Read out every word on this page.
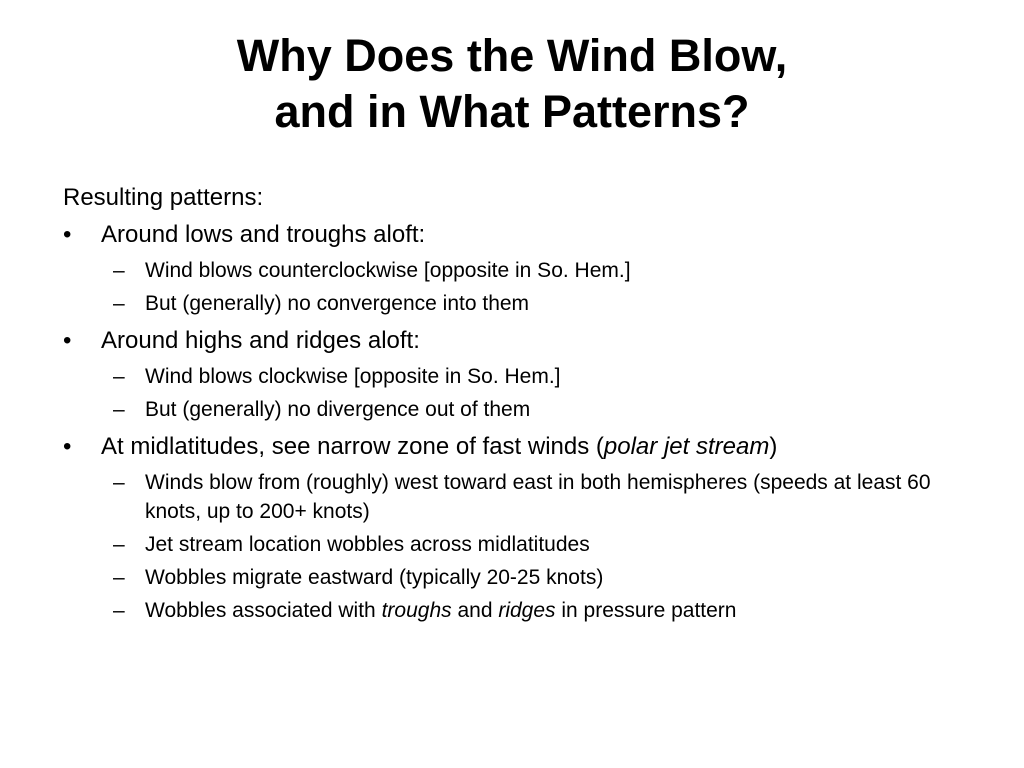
Why Does the Wind Blow,
and in What Patterns?
Resulting patterns:
•	Around lows and troughs aloft:
– Wind blows counterclockwise [opposite in So. Hem.]
– But (generally) no convergence into them
•	Around highs and ridges aloft:
– Wind blows clockwise [opposite in So. Hem.]
– But (generally) no divergence out of them
•	At midlatitudes, see narrow zone of fast winds (polar jet stream)
– Winds blow from (roughly) west toward east in both hemispheres (speeds at least 60 knots, up to 200+ knots)
– Jet stream location wobbles across midlatitudes
– Wobbles migrate eastward (typically 20-25 knots)
– Wobbles associated with troughs and ridges in pressure pattern
